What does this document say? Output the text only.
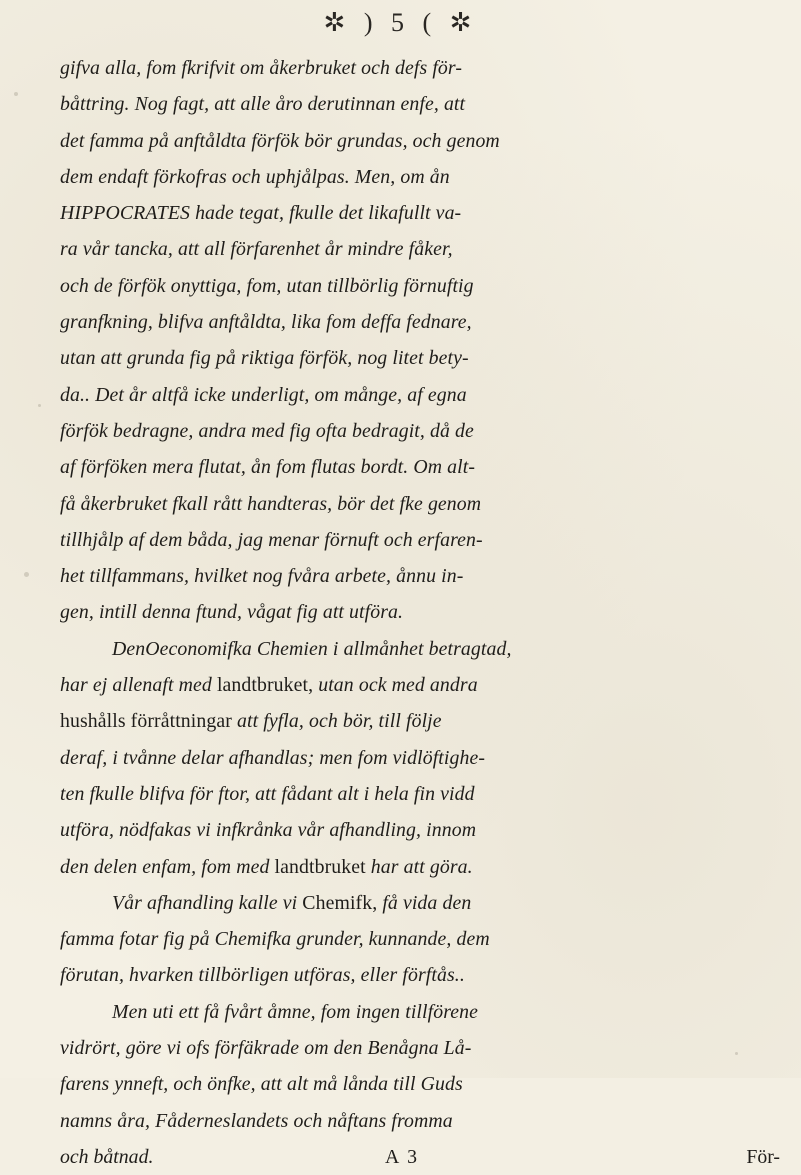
✲ ) 5 ( ✲
gifva alla, fom fkrifvit om åkerbruket och defs för-
båttring. Nog fagt, att alle åro derutinnan enfe, att
det famma på anftåldta förfök bör grundas, och genom
dem endaft förkofras och uphjålpas. Men, om ån
HIPPOCRATES hade tegat, fkulle det likafullt va-
ra vår tancka, att all förfarenhet år mindre fåker,
och de förfök onyttiga, fom, utan tillbörlig förnuftig
granfkning, blifva anftåldta, lika fom deffa fednare,
utan att grunda fig på riktiga förfök, nog litet bety-
da.. Det år altfå icke underligt, om månge, af egna
förfök bedragne, andra med fig ofta bedragit, då de
af förföken mera flutat, ån fom flutas bordt. Om alt-
få åkerbruket fkall rått handteras, bör det fke genom
tillhjålp af dem båda, jag menar förnuft och erfaren-
het tillfammans, hvilket nog fvåra arbete, ånnu in-
gen, intill denna ftund, vågat fig att utföra.
DenOeconomifka Chemien i allmånhet betragtad,
har ej allenaft med landtbruket, utan ock med andra
hushålls förråttningar att fyfla, och bör, till följe
deraf, i tvånne delar afhandlas; men fom vidlöftighe-
ten fkulle blifva för ftor, att fådant alt i hela fin vidd
utföra, nödfakas vi infkrånka vår afhandling, innom
den delen enfam, fom med landtbruket har att göra.
Vår afhandling kalle vi Chemifk, få vida den
famma fotar fig på Chemifka grunder, kunnande, dem
förutan, hvarken tillbörligen utföras, eller förftås..
Men uti ett få fvårt åmne, fom ingen tillförene
vidrört, göre vi ofs förfäkrade om den Benågna Lå-
farens ynneft, och önfke, att alt må lånda till Guds
namns åra, Fåderneslandets och nåftans fromma
och båtnad.	A 3	För-
